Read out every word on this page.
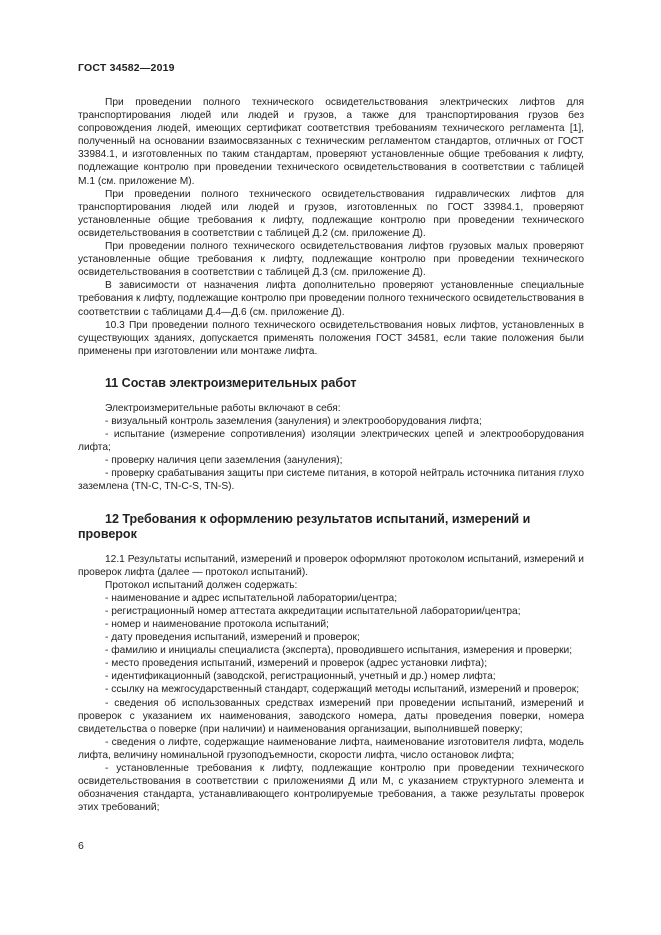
ГОСТ 34582—2019

При проведении полного технического освидетельствования электрических лифтов для транспортирования людей или людей и грузов, а также для транспортирования грузов без сопровождения людей, имеющих сертификат соответствия требованиям технического регламента [1], полученный на основании взаимосвязанных с техническим регламентом стандартов, отличных от ГОСТ 33984.1, и изготовленных по таким стандартам, проверяют установленные общие требования к лифту, подлежащие контролю при проведении технического освидетельствования в соответствии с таблицей М.1 (см. приложение М).

При проведении полного технического освидетельствования гидравлических лифтов для транспортирования людей или людей и грузов, изготовленных по ГОСТ 33984.1, проверяют установленные общие требования к лифту, подлежащие контролю при проведении технического освидетельствования в соответствии с таблицей Д.2 (см. приложение Д).

При проведении полного технического освидетельствования лифтов грузовых малых проверяют установленные общие требования к лифту, подлежащие контролю при проведении технического освидетельствования в соответствии с таблицей Д.3 (см. приложение Д).

В зависимости от назначения лифта дополнительно проверяют установленные специальные требования к лифту, подлежащие контролю при проведении полного технического освидетельствования в соответствии с таблицами Д.4—Д.6 (см. приложение Д).

10.3 При проведении полного технического освидетельствования новых лифтов, установленных в существующих зданиях, допускается применять положения ГОСТ 34581, если такие положения были применены при изготовлении или монтаже лифта.

11 Состав электроизмерительных работ

Электроизмерительные работы включают в себя:

- визуальный контроль заземления (зануления) и электрооборудования лифта;

- испытание (измерение сопротивления) изоляции электрических цепей и электрооборудования лифта;

- проверку наличия цепи заземления (зануления);

- проверку срабатывания защиты при системе питания, в которой нейтраль источника питания глухо заземлена (TN-C, TN-C-S, TN-S).

12 Требования к оформлению результатов испытаний, измерений и проверок

12.1 Результаты испытаний, измерений и проверок оформляют протоколом испытаний, измерений и проверок лифта (далее — протокол испытаний).

Протокол испытаний должен содержать:

- наименование и адрес испытательной лаборатории/центра;

- регистрационный номер аттестата аккредитации испытательной лаборатории/центра;

- номер и наименование протокола испытаний;

- дату проведения испытаний, измерений и проверок;

- фамилию и инициалы специалиста (эксперта), проводившего испытания, измерения и проверки;

- место проведения испытаний, измерений и проверок (адрес установки лифта);

- идентификационный (заводской, регистрационный, учетный и др.) номер лифта;

- ссылку на межгосударственный стандарт, содержащий методы испытаний, измерений и проверок;

- сведения об использованных средствах измерений при проведении испытаний, измерений и проверок с указанием их наименования, заводского номера, даты проведения поверки, номера свидетельства о поверке (при наличии) и наименования организации, выполнившей поверку;

- сведения о лифте, содержащие наименование лифта, наименование изготовителя лифта, модель лифта, величину номинальной грузоподъемности, скорости лифта, число остановок лифта;

- установленные требования к лифту, подлежащие контролю при проведении технического освидетельствования в соответствии с приложениями Д или М, с указанием структурного элемента и обозначения стандарта, устанавливающего контролируемые требования, а также результаты проверок этих требований;

6
